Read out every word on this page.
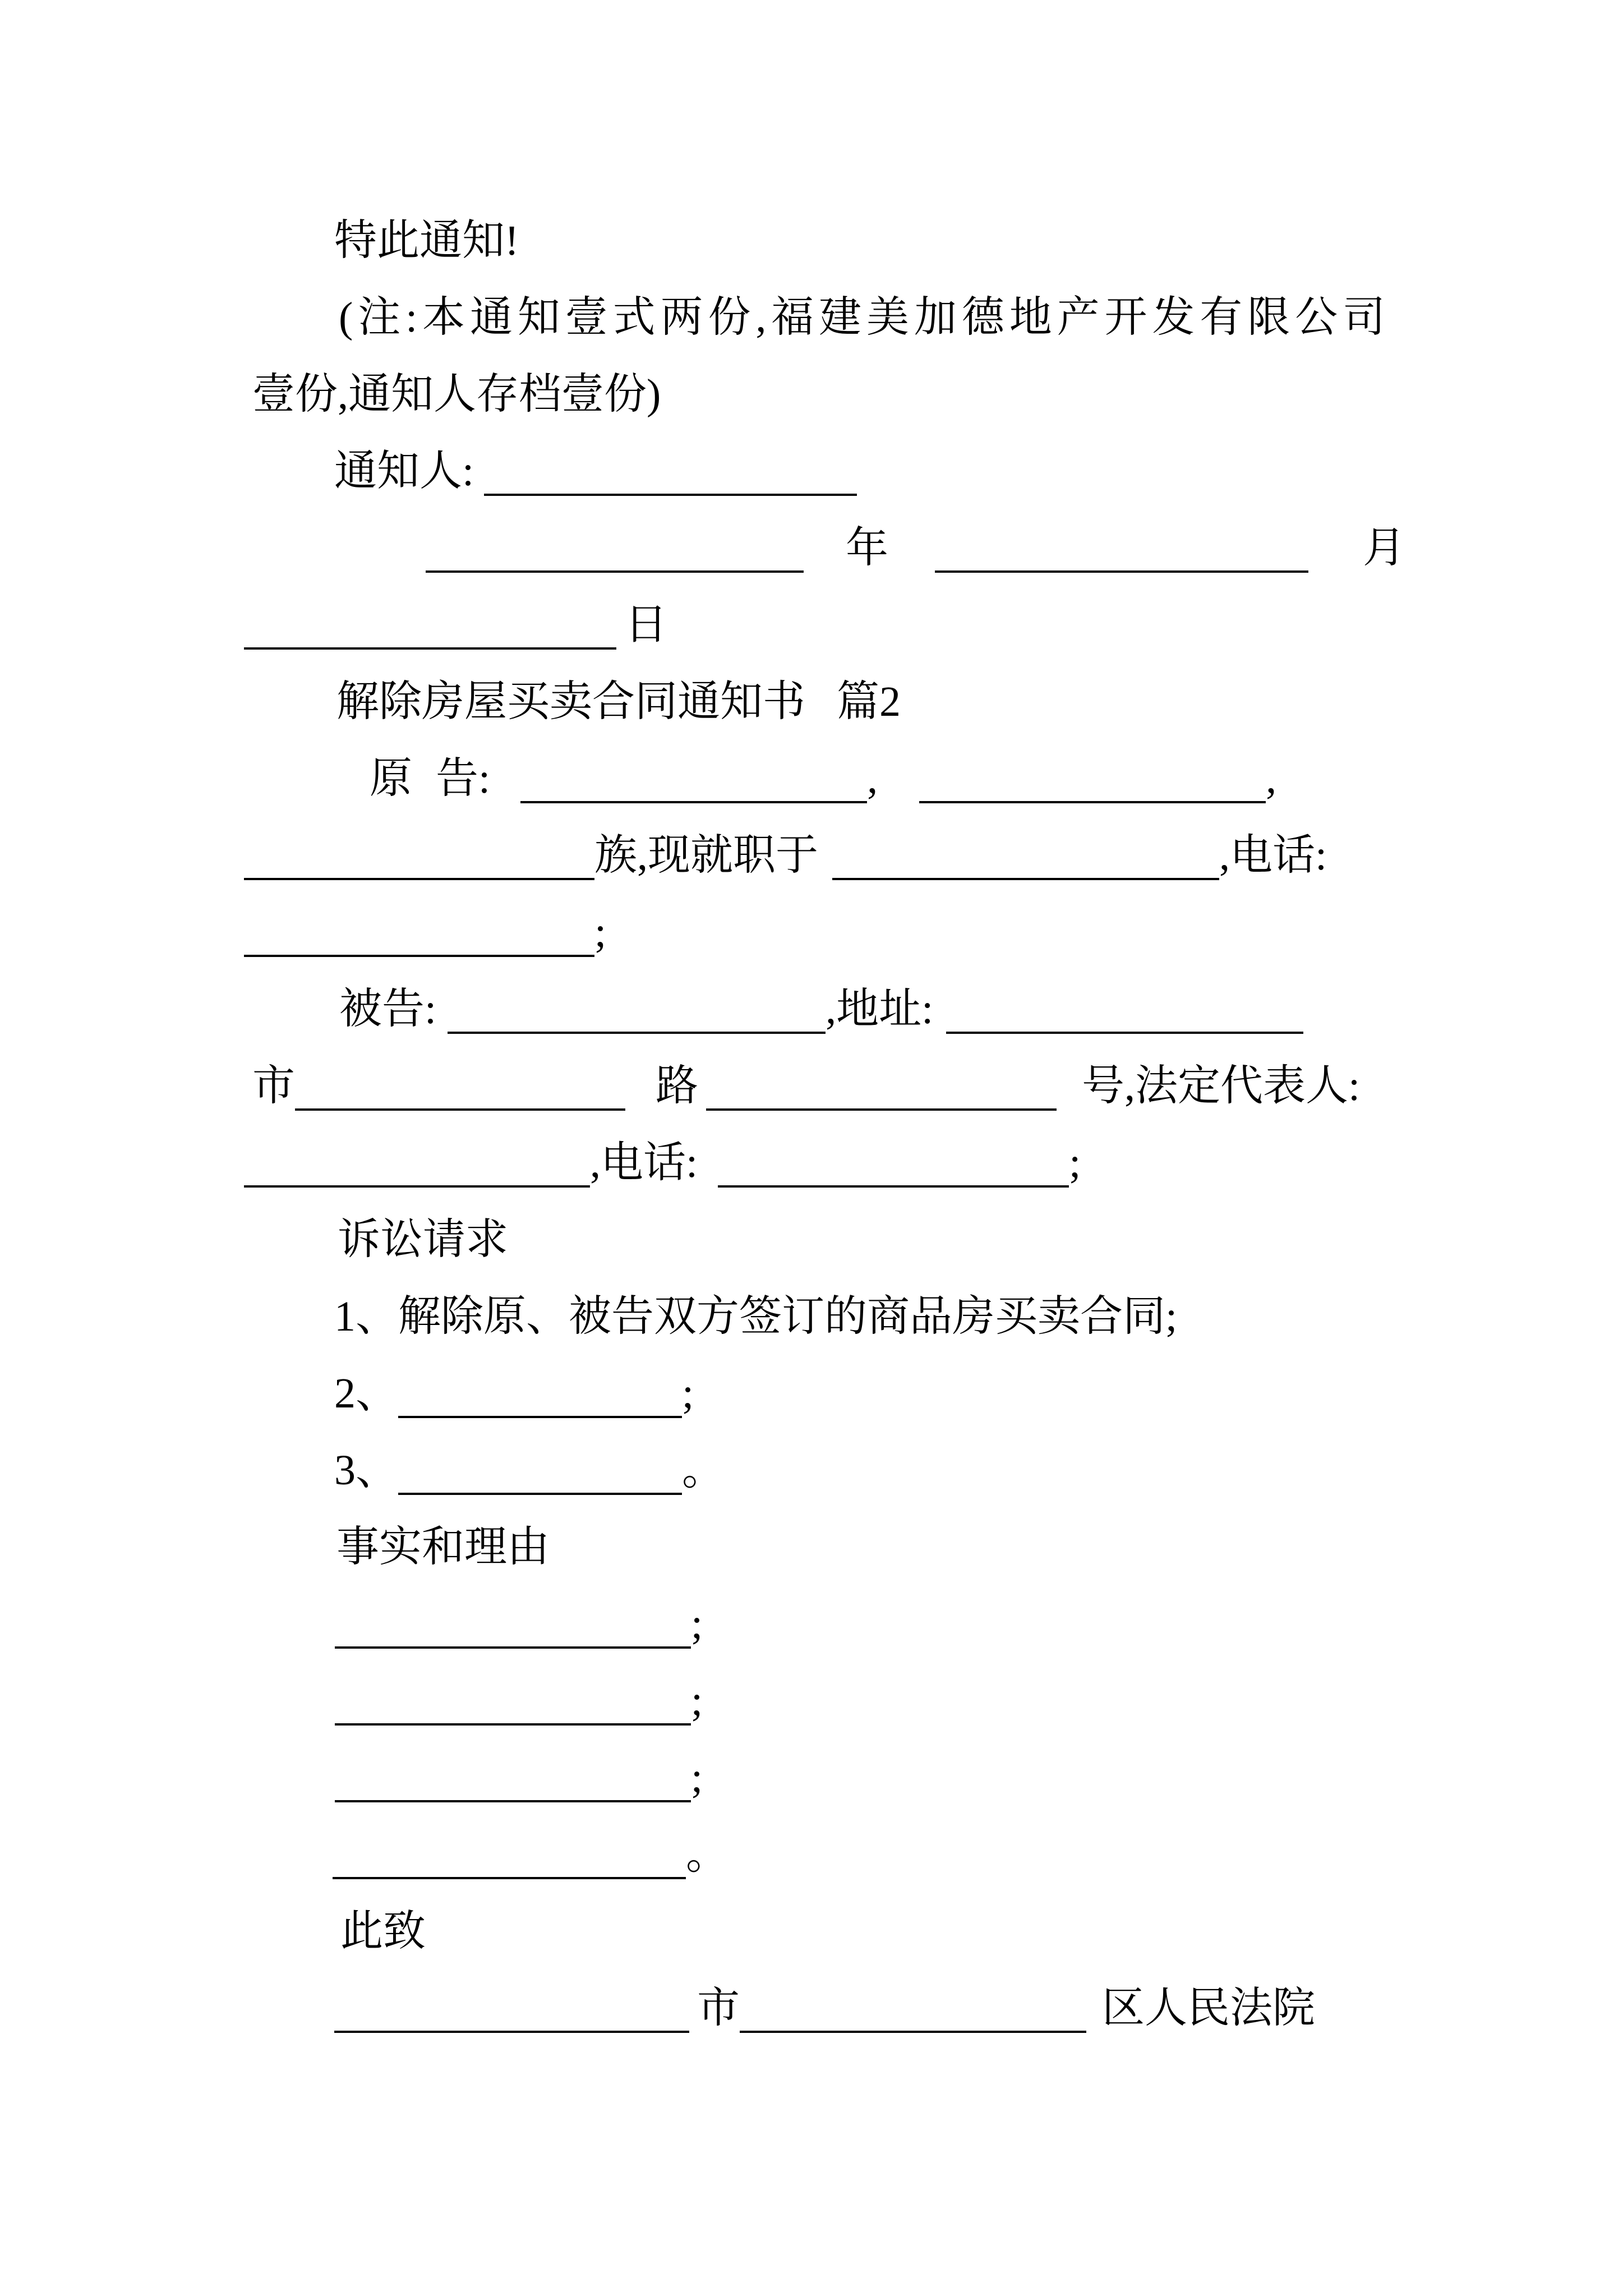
特此通知!
(注:本通知壹式两份,福建美加德地产开发有限公司
壹份,通知人存档壹份)
通知人:
年	月
日
解除房屋买卖合同通知书 篇2
原 告:	,	,
族,现就职于	,电话:
;
被告:	,地址:
市	路	号,法定代表人:
,电话:	;
诉讼请求
1、解除原、被告双方签订的商品房买卖合同;
2、	;
3、	。
事实和理由
;
;
;
。
此致
市	区人民法院
